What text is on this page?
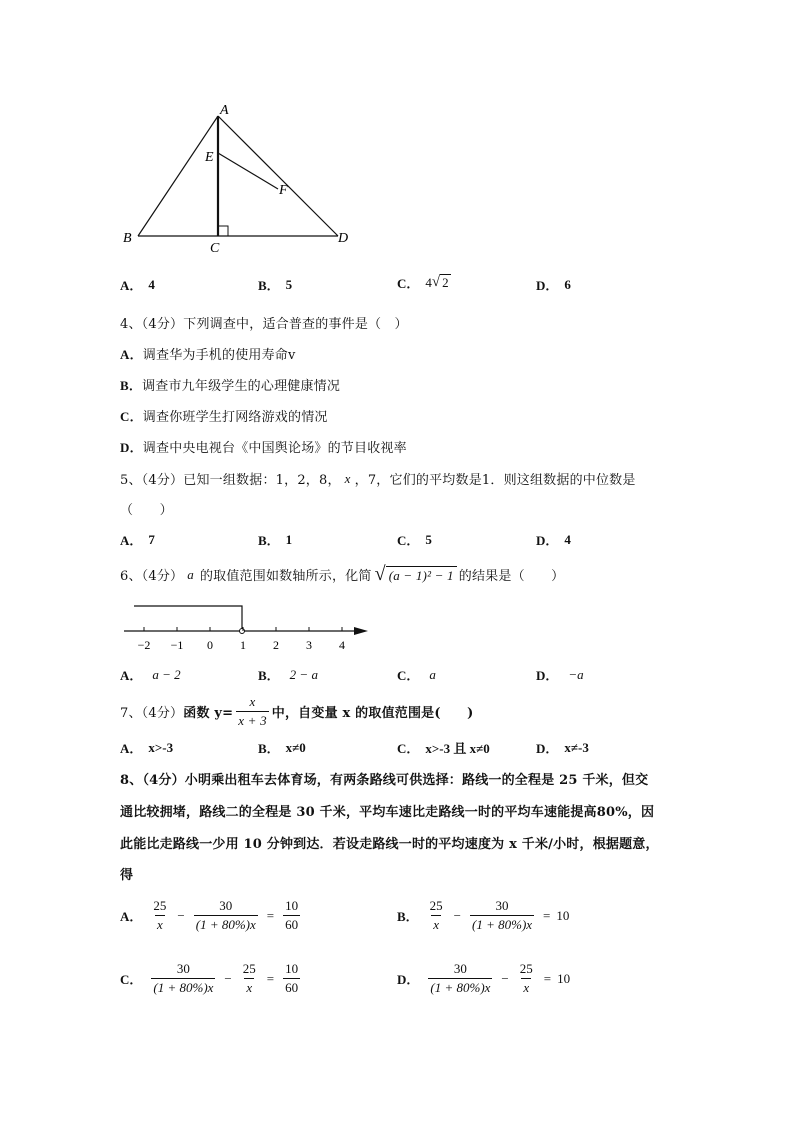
A
E
F
B
C
D
A． 4	B． 5	C． 4 √ 2	D． 6
4、（4分）下列调查中，适合普查的事件是（　）
A． 调查华为手机的使用寿命v
B． 调查市九年级学生的心理健康情况
C． 调查你班学生打网络游戏的情况
D． 调查中央电视台《中国舆论场》的节目收视率
5、（4分）已知一组数据：1，2，8， x ，7，它们的平均数是1．则这组数据的中位数是
（　　）
A． 7	B． 1	C． 5	D． 4
6、（4分） a 的取值范围如数轴所示，化简 √ (a − 1)² − 1 的结果是（　　）
−2 −1 0 1 2 3 4
A． a − 2	B． 2 − a	C． a	D． −a
7、（4分） 函数 $y= \frac{x}{x + 3}$ 中，自变量 x 的取值范围是(　　)
A． x>-3	B． x≠0	C． x>-3 且 x≠0	D． x≠-3
8、（4分）小明乘出租车去体育场，有两条路线可供选择：路线一的全程是 25 千米，但交
通比较拥堵，路线二的全程是 30 千米，平均车速比走路线一时的平均车速能提高80%，因
此能比走路线一少用 10 分钟到达．若设走路线一时的平均速度为 x 千米/小时，根据题意，
得
A． $\frac{25}{x} - \frac{30}{(1 + 80\%)x} = \frac{10}{60}$	B． $\frac{25}{x} - \frac{30}{(1 + 80\%)x} = 10$
C． $\frac{30}{(1 + 80\%)x} - \frac{25}{x} = \frac{10}{60}$	D． $\frac{30}{(1 + 80\%)x} - \frac{25}{x} = 10$
